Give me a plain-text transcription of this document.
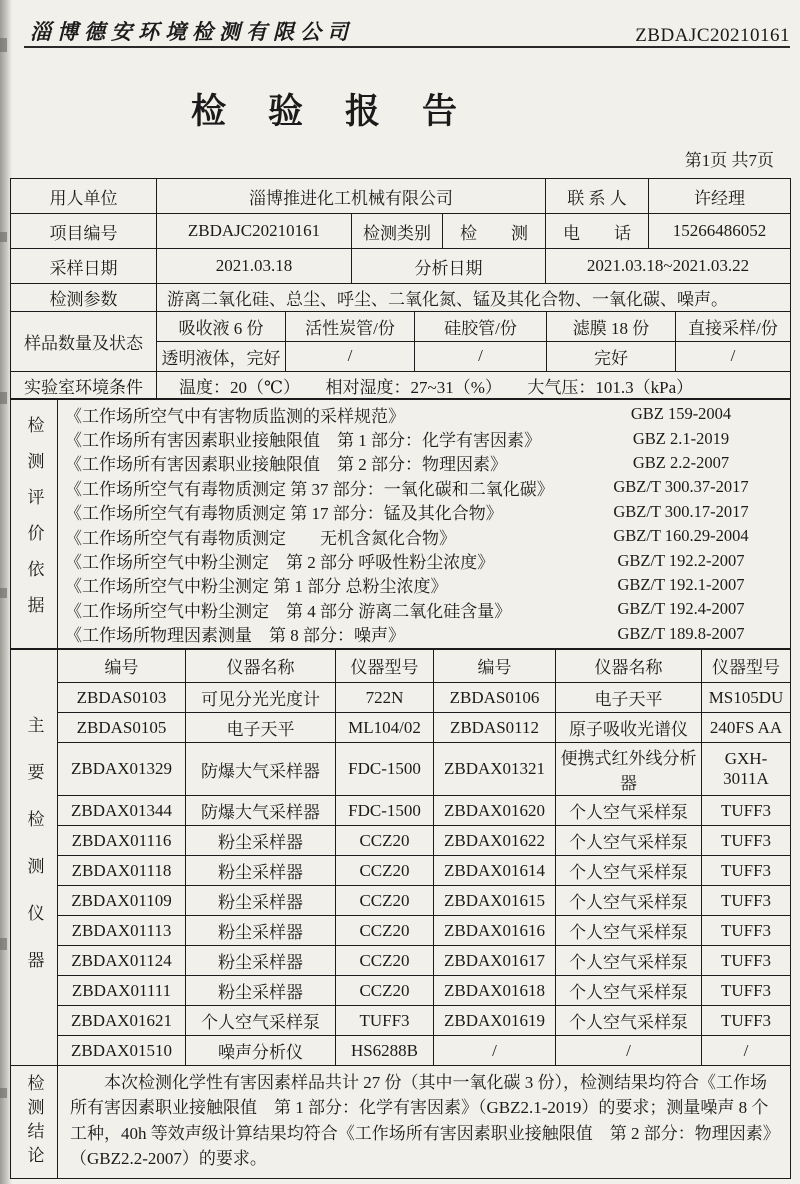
淄博德安环境检测有限公司	ZBDAJC20210161
检验报告
第1页 共7页
用人单位	淄博推进化工机械有限公司			联 系 人	许经理
项目编号	ZBDAJC20210161	检测类别	检　　测	电　　话	15266486052
采样日期	2021.03.18	分析日期		2021.03.18~2021.03.22	
检测参数	游离二氧化硅、总尘、呼尘、二氧化氮、锰及其化合物、一氧化碳、噪声。				
样品数量及状态	吸收液 6 份	活性炭管/份	硅胶管/份	滤膜 18 份	直接采样/份
	透明液体，完好	/	/	完好	/
实验室环境条件	温度：20（℃）　　相对湿度：27~31（%）　　大气压：101.3（kPa）				
检测评价依据	《工作场所空气中有害物质监测的采样规范》	GBZ 159-2004
《工作场所有害因素职业接触限值　第 1 部分：化学有害因素》	GBZ 2.1-2019
《工作场所有害因素职业接触限值　第 2 部分：物理因素》	GBZ 2.2-2007
《工作场所空气有毒物质测定 第 37 部分：一氧化碳和二氧化碳》	GBZ/T 300.37-2017
《工作场所空气有毒物质测定 第 17 部分：锰及其化合物》	GBZ/T 300.17-2017
《工作场所空气有毒物质测定　　无机含氮化合物》	GBZ/T 160.29-2004
《工作场所空气中粉尘测定　第 2 部分 呼吸性粉尘浓度》	GBZ/T 192.2-2007
《工作场所空气中粉尘测定 第 1 部分 总粉尘浓度》	GBZ/T 192.1-2007
《工作场所空气中粉尘测定　第 4 部分 游离二氧化硅含量》	GBZ/T 192.4-2007
《工作场所物理因素测量　第 8 部分：噪声》	GBZ/T 189.8-2007
主要检测仪器	编号	仪器名称	仪器型号	编号	仪器名称	仪器型号
	ZBDAS0103	可见分光光度计	722N	ZBDAS0106	电子天平	MS105DU
	ZBDAS0105	电子天平	ML104/02	ZBDAS0112	原子吸收光谱仪	240FS AA
	ZBDAX01329	防爆大气采样器	FDC-1500	ZBDAX01321	便携式红外线分析器	GXH-3011A
	ZBDAX01344	防爆大气采样器	FDC-1500	ZBDAX01620	个人空气采样泵	TUFF3
	ZBDAX01116	粉尘采样器	CCZ20	ZBDAX01622	个人空气采样泵	TUFF3
	ZBDAX01118	粉尘采样器	CCZ20	ZBDAX01614	个人空气采样泵	TUFF3
	ZBDAX01109	粉尘采样器	CCZ20	ZBDAX01615	个人空气采样泵	TUFF3
	ZBDAX01113	粉尘采样器	CCZ20	ZBDAX01616	个人空气采样泵	TUFF3
	ZBDAX01124	粉尘采样器	CCZ20	ZBDAX01617	个人空气采样泵	TUFF3
	ZBDAX01111	粉尘采样器	CCZ20	ZBDAX01618	个人空气采样泵	TUFF3
	ZBDAX01621	个人空气采样泵	TUFF3	ZBDAX01619	个人空气采样泵	TUFF3
	ZBDAX01510	噪声分析仪	HS6288B	/	/	/
检测结论	本次检测化学性有害因素样品共计 27 份（其中一氧化碳 3 份），检测结果均符合《工作场所有害因素职业接触限值　第 1 部分：化学有害因素》（GBZ2.1-2019）的要求；测量噪声 8 个工种，40h 等效声级计算结果均符合《工作场所有害因素职业接触限值　第 2 部分：物理因素》（GBZ2.2-2007）的要求。
